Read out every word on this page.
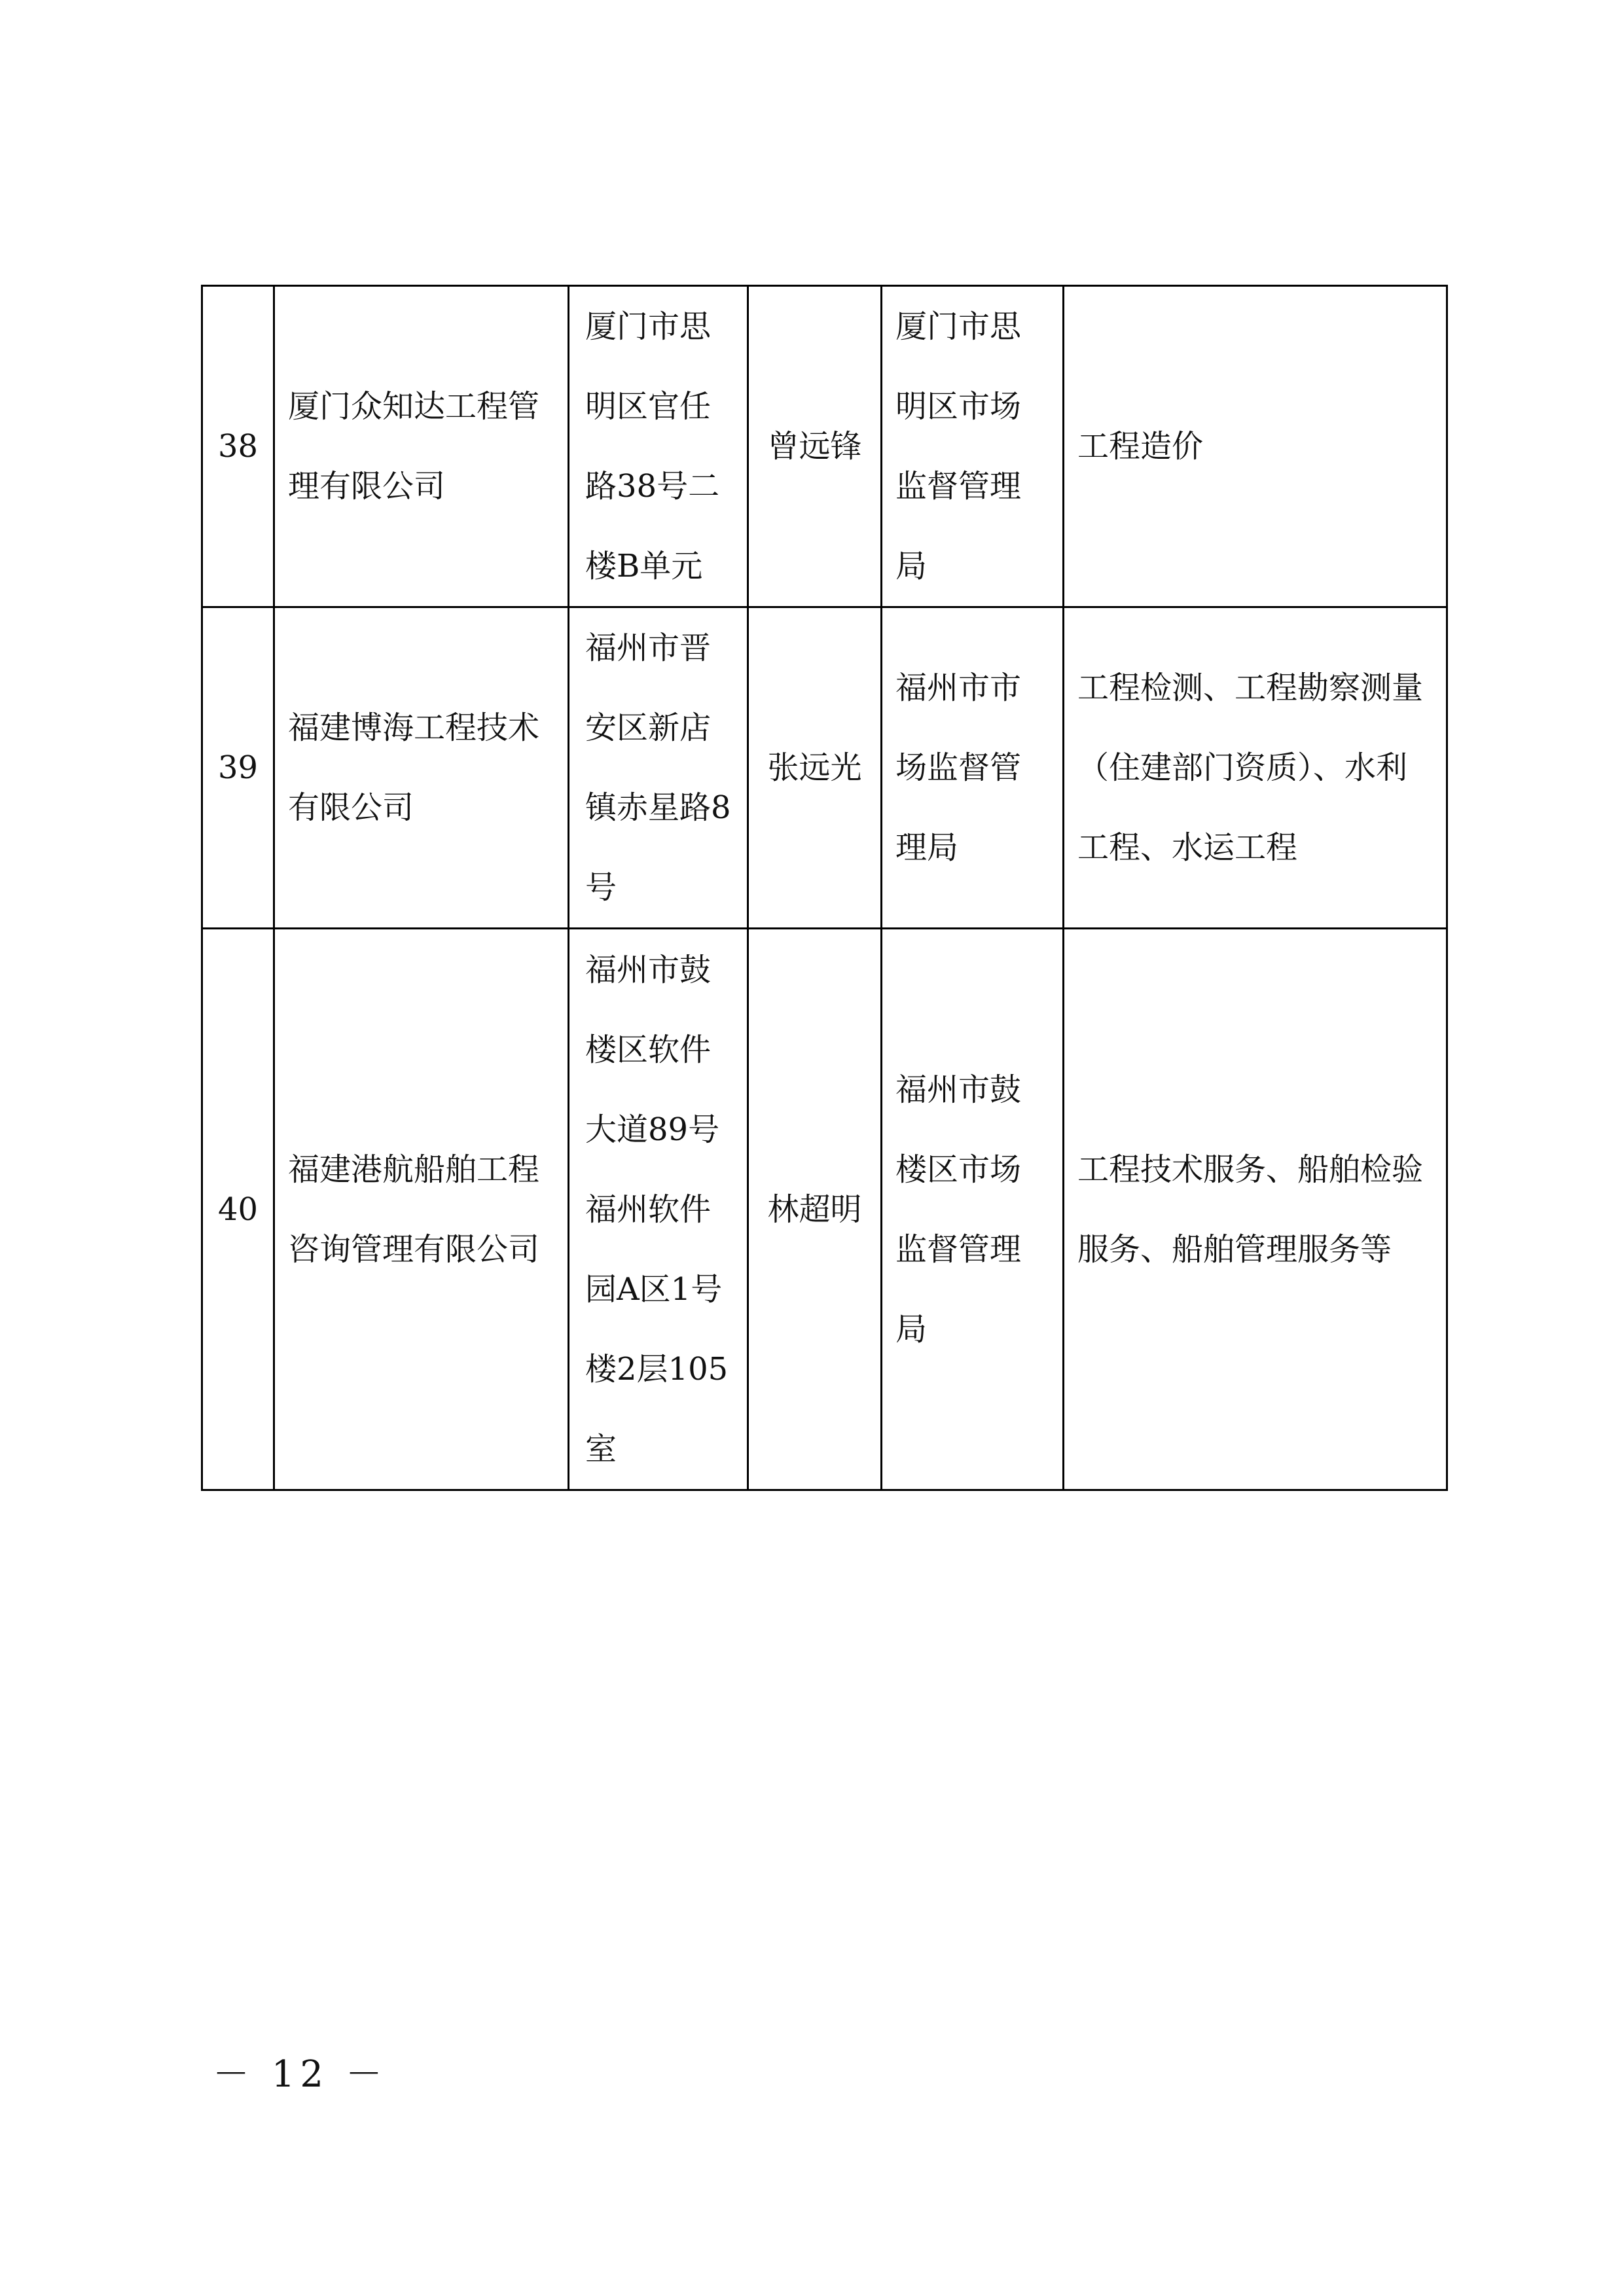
38	厦门众知达工程管理有限公司	厦门市思明区官任路38号二楼B单元	曾远锋	厦门市思明区市场监督管理局	工程造价
39	福建博海工程技术有限公司	福州市晋安区新店镇赤星路8号	张远光	福州市市场监督管理局	工程检测、工程勘察测量（住建部门资质）、水利工程、水运工程
40	福建港航船舶工程咨询管理有限公司	福州市鼓楼区软件大道89号福州软件园A区1号楼2层105室	林超明	福州市鼓楼区市场监督管理局	工程技术服务、船舶检验服务、船舶管理服务等
－ 12 －
